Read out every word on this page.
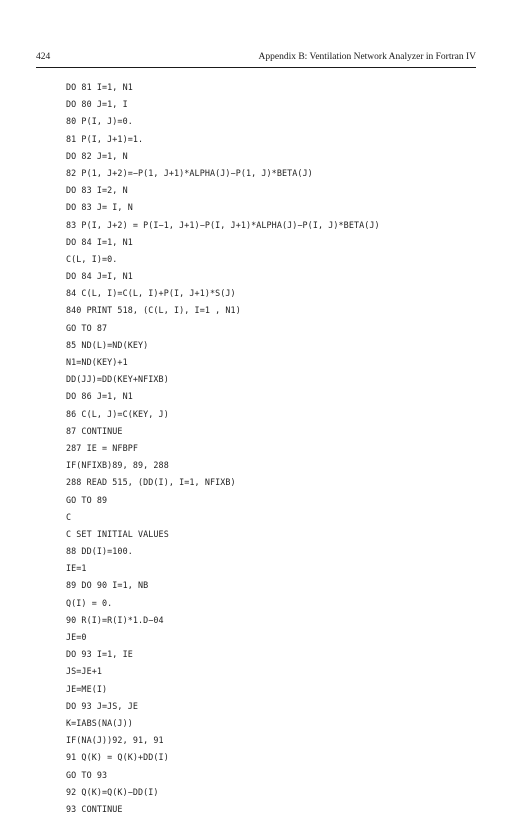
424	Appendix B: Ventilation Network Analyzer in Fortran IV
DO 81 I=1, N1
DO 80 J=1, I
80 P(I, J)=0.
81 P(I, J+1)=1.
DO 82 J=1, N
82 P(1, J+2)=−P(1, J+1)*ALPHA(J)−P(1, J)*BETA(J)
DO 83 I=2, N
DO 83 J= I, N
83 P(I, J+2) = P(I−1, J+1)−P(I, J+1)*ALPHA(J)−P(I, J)*BETA(J)
DO 84 I=1, N1
C(L, I)=0.
DO 84 J=I, N1
84 C(L, I)=C(L, I)+P(I, J+1)*S(J)
840 PRINT 518, (C(L, I), I=1 , N1)
GO TO 87
85 ND(L)=ND(KEY)
N1=ND(KEY)+1
DD(JJ)=DD(KEY+NFIXB)
DO 86 J=1, N1
86 C(L, J)=C(KEY, J)
87 CONTINUE
287 IE = NFBPF
IF(NFIXB)89, 89, 288
288 READ 515, (DD(I), I=1, NFIXB)
GO TO 89
C
C SET INITIAL VALUES
88 DD(I)=100.
IE=1
89 DO 90 I=1, NB
Q(I) = 0.
90 R(I)=R(I)*1.D−04
JE=0
DO 93 I=1, IE
JS=JE+1
JE=ME(I)
DO 93 J=JS, JE
K=IABS(NA(J))
IF(NA(J))92, 91, 91
91 Q(K) = Q(K)+DD(I)
GO TO 93
92 Q(K)=Q(K)−DD(I)
93 CONTINUE
